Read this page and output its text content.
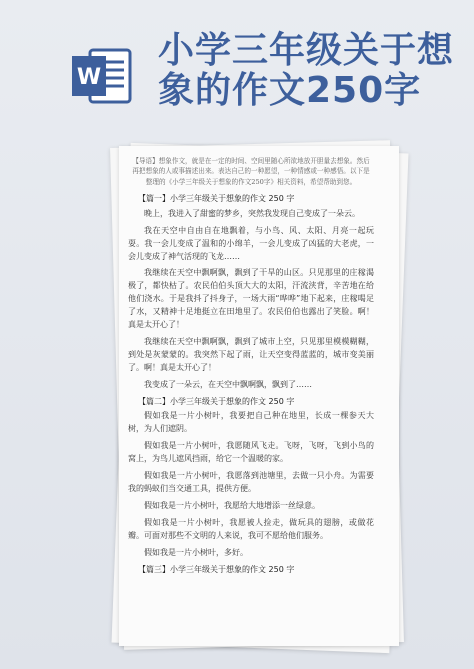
W
小学三年级关于想
象的作文250字
【导语】想象作文，就是在一定的时间、空间里随心所欲地放开胆量去想象。然后再把想象的人或事描述出来。表达自己的一种愿望，一种情感或一种感悟。以下是整理的《小学三年级关于想象的作文250字》相关资料，希望帮助到您。
【篇一】小学三年级关于想象的作文 250 字
晚上，我进入了甜蜜的梦乡，突然我发现自己变成了一朵云。
我在天空中自由自在地飘着，与小鸟、风、太阳、月亮一起玩耍。我一会儿变成了温和的小绵羊，一会儿变成了凶猛的大老虎，一会儿变成了神气活现的飞龙……
我继续在天空中飘啊飘，飘到了干旱的山区。只见那里的庄稼渴极了，都快枯了。农民伯伯头顶大大的太阳，汗流浃背，辛苦地在给他们浇水。于是我抖了抖身子，一场大雨“哗哗”地下起来，庄稼喝足了水，又精神十足地挺立在田地里了。农民伯伯也露出了笑脸。啊！真是太开心了！
我继续在天空中飘啊飘，飘到了城市上空，只见那里模模糊糊，到处是灰蒙蒙的。我突然下起了雨，让天空变得蓝蓝的，城市变美丽了。啊！真是太开心了！
我变成了一朵云，在天空中飘啊飘，飘到了……
【篇二】小学三年级关于想象的作文 250 字
假如我是一片小树叶，我要把自己种在地里，长成一棵参天大树，为人们遮阴。
假如我是一片小树叶，我愿随风飞走。飞呀，飞呀，飞到小鸟的窝上，为鸟儿遮风挡雨，给它一个温暖的家。
假如我是一片小树叶，我愿落到池塘里，去做一只小舟。为需要我的蚂蚁们当交通工具，提供方便。
假如我是一片小树叶，我愿给大地增添一丝绿意。
假如我是一片小树叶，我愿被人捡走，做玩具的翅膀，或做花瓣。可面对那些不文明的人来说，我可不愿给他们服务。
假如我是一片小树叶，多好。
【篇三】小学三年级关于想象的作文 250 字
